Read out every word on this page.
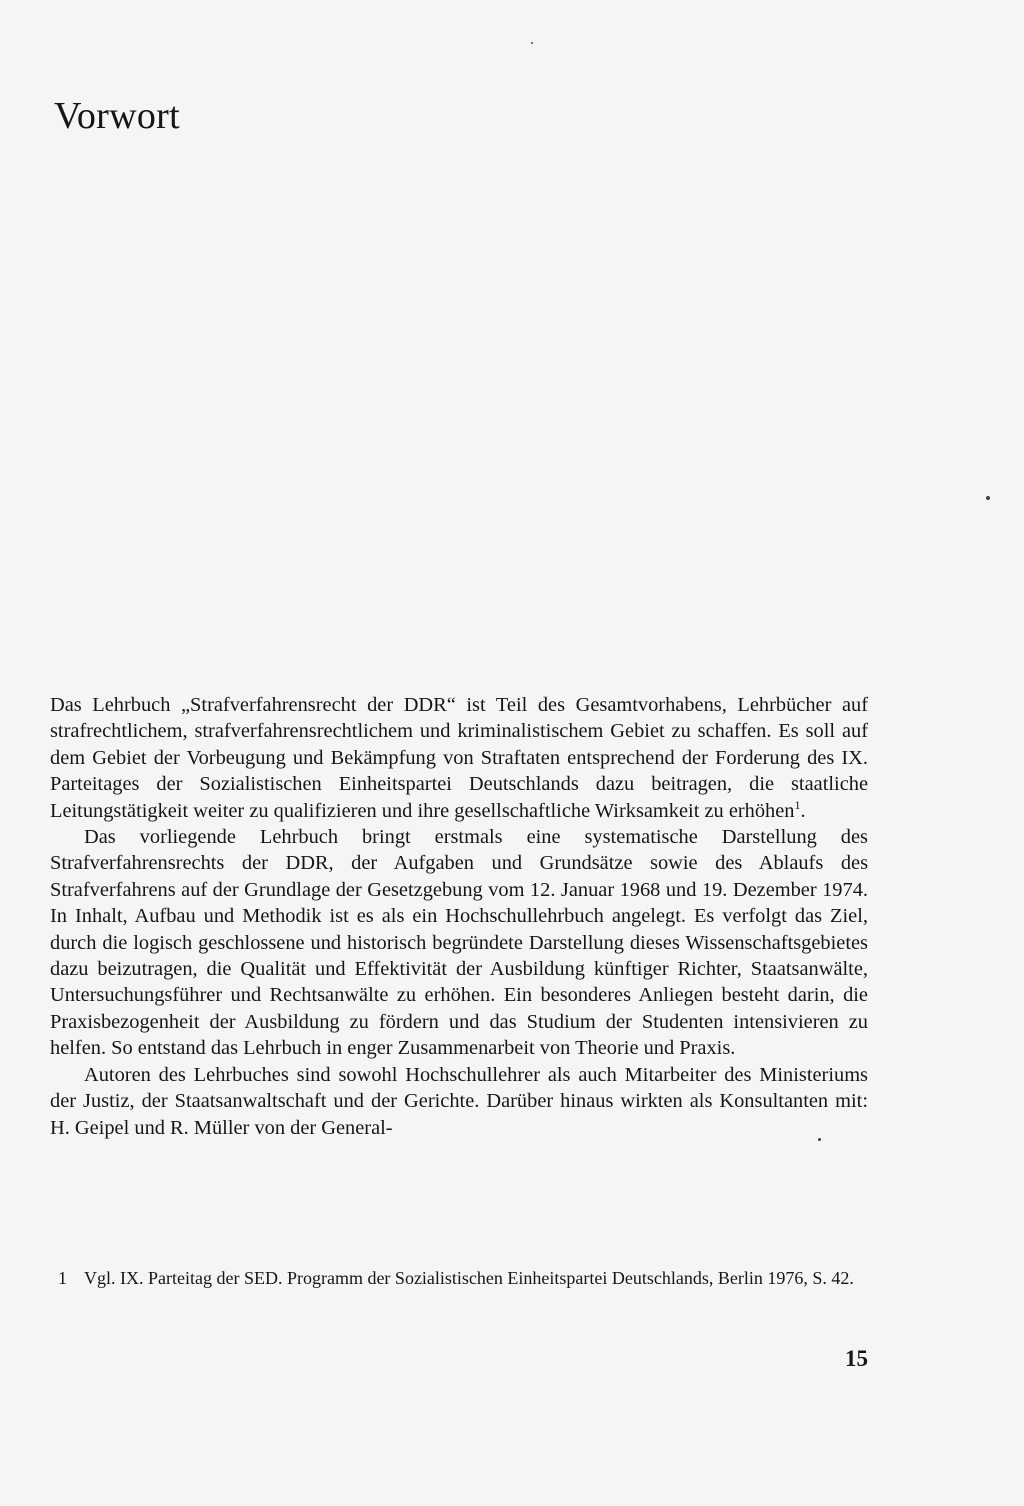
Vorwort

Das Lehrbuch „Strafverfahrensrecht der DDR“ ist Teil des Gesamtvorhabens, Lehrbücher auf strafrechtlichem, strafverfahrensrechtlichem und kriminalistischem Gebiet zu schaffen. Es soll auf dem Gebiet der Vorbeugung und Bekämpfung von Straftaten entsprechend der Forderung des IX. Parteitages der Sozialistischen Einheitspartei Deutschlands dazu beitragen, die staatliche Leitungstätigkeit weiter zu qualifizieren und ihre gesellschaftliche Wirksamkeit zu erhöhen$^1$.

Das vorliegende Lehrbuch bringt erstmals eine systematische Darstellung des Strafverfahrensrechts der DDR, der Aufgaben und Grundsätze sowie des Ablaufs des Strafverfahrens auf der Grundlage der Gesetzgebung vom 12. Januar 1968 und 19. Dezember 1974. In Inhalt, Aufbau und Methodik ist es als ein Hochschullehrbuch angelegt. Es verfolgt das Ziel, durch die logisch geschlossene und historisch begründete Darstellung dieses Wissenschaftsgebietes dazu beizutragen, die Qualität und Effektivität der Ausbildung künftiger Richter, Staatsanwälte, Untersuchungsführer und Rechtsanwälte zu erhöhen. Ein besonderes Anliegen besteht darin, die Praxisbezogenheit der Ausbildung zu fördern und das Studium der Studenten intensivieren zu helfen. So entstand das Lehrbuch in enger Zusammenarbeit von Theorie und Praxis.

Autoren des Lehrbuches sind sowohl Hochschullehrer als auch Mitarbeiter des Ministeriums der Justiz, der Staatsanwaltschaft und der Gerichte. Darüber hinaus wirkten als Konsultanten mit: H. Geipel und R. Müller von der General-

1 Vgl. IX. Parteitag der SED. Programm der Sozialistischen Einheitspartei Deutschlands, Berlin 1976, S. 42.
15
